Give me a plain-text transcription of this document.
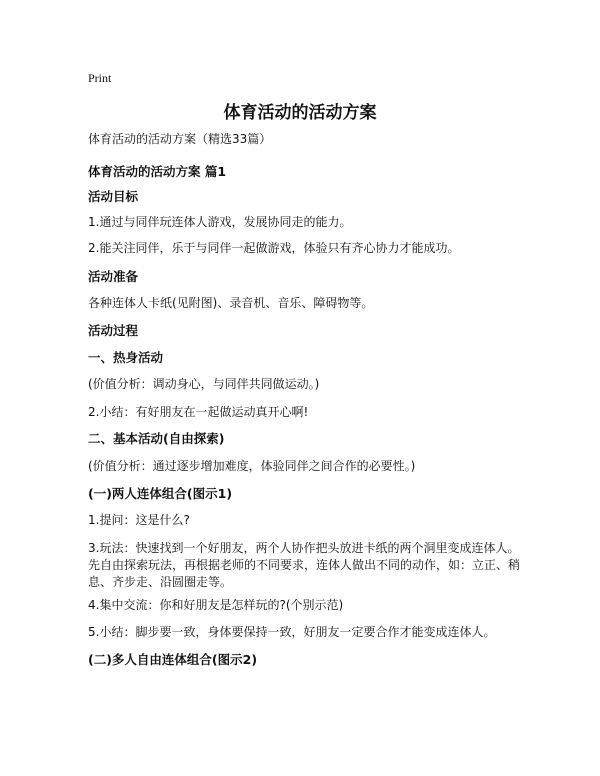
Print
体育活动的活动方案
体育活动的活动方案（精选33篇）
体育活动的活动方案 篇1
活动目标
1.通过与同伴玩连体人游戏，发展协同走的能力。
2.能关注同伴，乐于与同伴一起做游戏，体验只有齐心协力才能成功。
活动准备
各种连体人卡纸(见附图)、录音机、音乐、障碍物等。
活动过程
一、热身活动
(价值分析：调动身心，与同伴共同做运动。)
2.小结：有好朋友在一起做运动真开心啊!
二、基本活动(自由探索)
(价值分析：通过逐步增加难度，体验同伴之间合作的必要性。)
(一)两人连体组合(图示1)
1.提问：这是什么?
3.玩法：快速找到一个好朋友，两个人协作把头放进卡纸的两个洞里变成连体人。先自由探索玩法，再根据老师的不同要求，连体人做出不同的动作，如：立正、稍息、齐步走、沿圆圈走等。
4.集中交流：你和好朋友是怎样玩的?(个别示范)
5.小结：脚步要一致，身体要保持一致，好朋友一定要合作才能变成连体人。
(二)多人自由连体组合(图示2)
